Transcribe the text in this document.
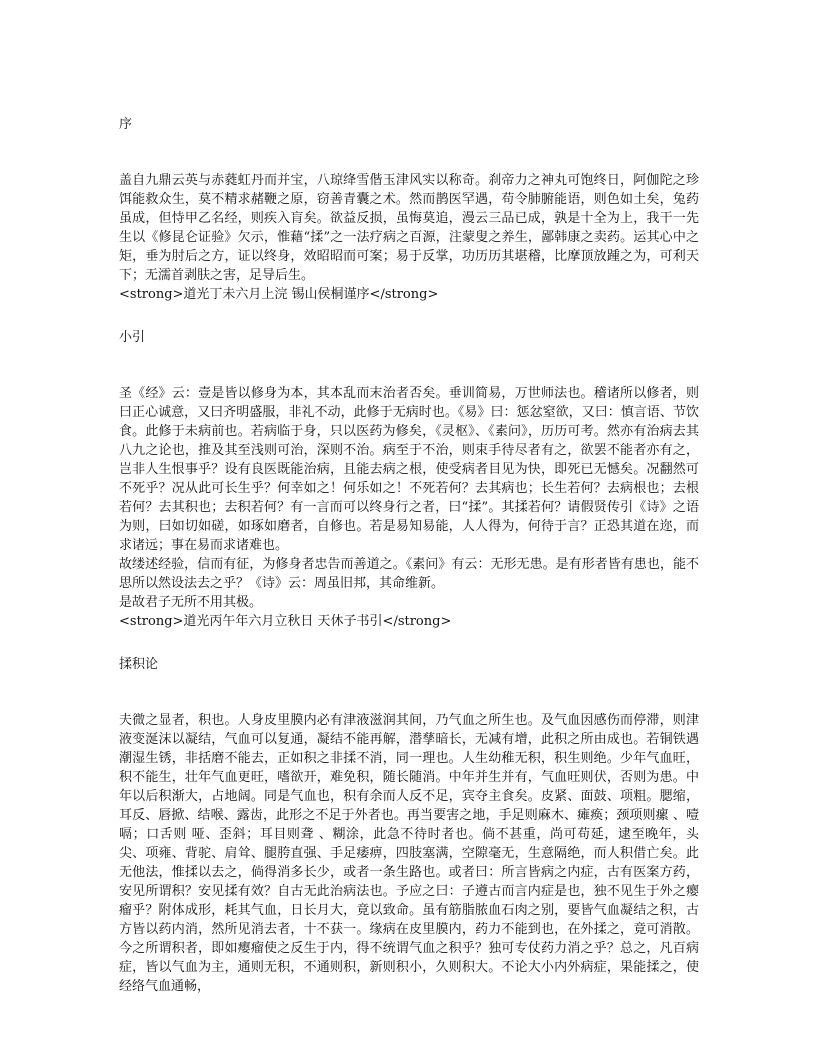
序

盖自九鼎云英与赤蕤虹丹而并宝，八琼绛雪偕玉津风实以称奇。刹帝力之神丸可饱终日，阿伽陀之珍饵能救众生，莫不精求赭鞭之原，窃善青囊之术。然而鹊医罕遇，苟令肺腑能语，则色如土矣，兔药虽成，但恃甲乙名经，则疾入肓矣。欲益反损，虽悔莫追，漫云三品已成，孰是十全为上，我干一先生以《修昆仑证验》欠示，惟藉“揉”之一法疗病之百源，注蒙叟之养生，鄙韩康之卖药。运其心中之矩，垂为肘后之方，证以终身，效昭昭而可案；易于反掌，功历历其堪稽，比摩顶放踵之为，可利天下；无濡首剥肤之害，足导后生。

<strong>道光丁未六月上浣 锡山侯桐谨序</strong>
小引

圣《经》云：壹是皆以修身为本，其本乱而末治者否矣。垂训简易，万世师法也。稽诸所以修者，则曰正心诚意，又曰齐明盛服，非礼不动，此修于无病时也。《易》曰：惩忿窒欲，又曰：慎言语、节饮食。此修于未病前也。若病临于身，只以医药为修矣，《灵枢》、《素问》，历历可考。然亦有治病去其八九之论也，推及其至浅则可治，深则不治。病至于不治，则束手待尽者有之，欲罢不能者亦有之，岂非人生恨事乎？设有良医既能治病，且能去病之根，使受病者目见为快，即死已无憾矣。况翻然可不死乎？况从此可长生乎？何幸如之！何乐如之！不死若何？去其病也；长生若何？去病根也；去根若何？去其积也；去积若何？有一言而可以终身行之者，曰“揉”。其揉若何？请假贤传引《诗》之语为则，曰如切如磋，如琢如磨者，自修也。若是易知易能，人人得为，何待于言？正恐其道在迩，而求诸远；事在易而求诸难也。

故缕述经验，信而有征，为修身者忠告而善道之。《素问》有云：无形无患。是有形者皆有患也，能不思所以然设法去之乎？《诗》云：周虽旧邦，其命维新。

是故君子无所不用其极。

<strong>道光丙午年六月立秋日 天休子书引</strong>
揉积论

夫微之显者，积也。人身皮里膜内必有津液滋润其间，乃气血之所生也。及气血因感伤而停滞，则津液变涎沫以凝结，气血可以复通，凝结不能再解，潜孳暗长，无减有增，此积之所由成也。若铜铁遇潮湿生锈，非括磨不能去，正如积之非揉不消，同一理也。人生幼稚无积，积生则绝。少年气血旺，积不能生，壮年气血更旺，嗜欲开，难免积，随长随消。中年并生并有，气血旺则伏，否则为患。中年以后积渐大，占地阔。同是气血也，积有余而人反不足，宾夺主食矣。皮紧、面鼓、项粗。腮缩，耳反、唇掀、结喉、露齿，此形之不足于外者也。再当要害之地，手足则麻木、瘫痪；颈项则瘰 、噎嗝；口舌则 哑、歪斜；耳目则聋 、糊涂，此急不待时者也。倘不甚重，尚可苟延，逮至晚年，头尖、项雍、背驼、肩耸、腿胯直强、手足痿痹，四肢塞满，空隙毫无，生意隔绝，而人积借亡矣。此无他法，惟揉以去之，倘得消多长少，或者一条生路也。或者曰：所言皆病之内症，古有医案方药，安见所谓积？安见揉有效？自古无此治病法也。予应之曰：子遵古而言内症是也，独不见生于外之瘿瘤乎？附体成形，耗其气血，日长月大，竟以致命。虽有筋脂脓血石肉之别，要皆气血凝结之积，古方皆以药内消，然所见消去者，十不获一。缘病在皮里膜内，药力不能到也，在外揉之，竟可消散。今之所谓积者，即如瘿瘤使之反生于内，得不统谓气血之积乎？独可专仗药力消之乎？总之，凡百病症，皆以气血为主，通则无积，不通则积，新则积小，久则积大。不论大小内外病症，果能揉之，使经络气血通畅，
